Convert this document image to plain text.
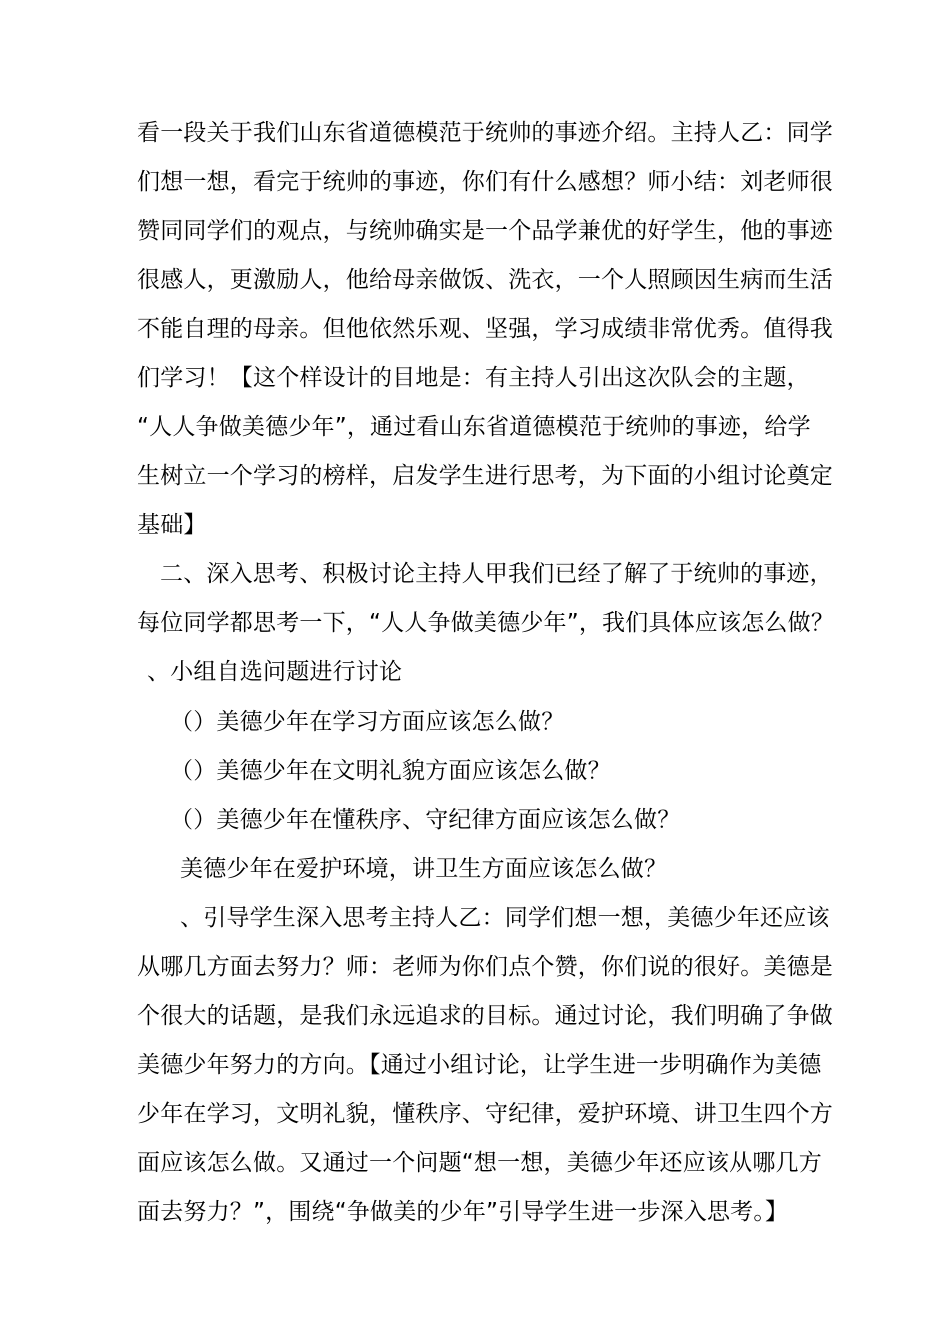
看一段关于我们山东省道德模范于统帅的事迹介绍。主持人乙：同学
们想一想，看完于统帅的事迹，你们有什么感想？师小结：刘老师很
赞同同学们的观点，与统帅确实是一个品学兼优的好学生，他的事迹
很感人，更激励人，他给母亲做饭、洗衣，一个人照顾因生病而生活
不能自理的母亲。但他依然乐观、坚强，学习成绩非常优秀。值得我
们学习！【这个样设计的目地是：有主持人引出这次队会的主题，
“人人争做美德少年”，通过看山东省道德模范于统帅的事迹，给学
生树立一个学习的榜样，启发学生进行思考，为下面的小组讨论奠定
基础】
二、深入思考、积极讨论主持人甲我们已经了解了于统帅的事迹，
每位同学都思考一下，“人人争做美德少年”，我们具体应该怎么做？
、小组自选问题进行讨论
（）美德少年在学习方面应该怎么做？
（）美德少年在文明礼貌方面应该怎么做？
（）美德少年在懂秩序、守纪律方面应该怎么做？
美德少年在爱护环境，讲卫生方面应该怎么做？
、引导学生深入思考主持人乙：同学们想一想，美德少年还应该
从哪几方面去努力？师：老师为你们点个赞，你们说的很好。美德是
个很大的话题，是我们永远追求的目标。通过讨论，我们明确了争做
美德少年努力的方向。【通过小组讨论，让学生进一步明确作为美德
少年在学习，文明礼貌，懂秩序、守纪律，爱护环境、讲卫生四个方
面应该怎么做。又通过一个问题“想一想，美德少年还应该从哪几方
面去努力？”，围绕“争做美的少年”引导学生进一步深入思考。】
